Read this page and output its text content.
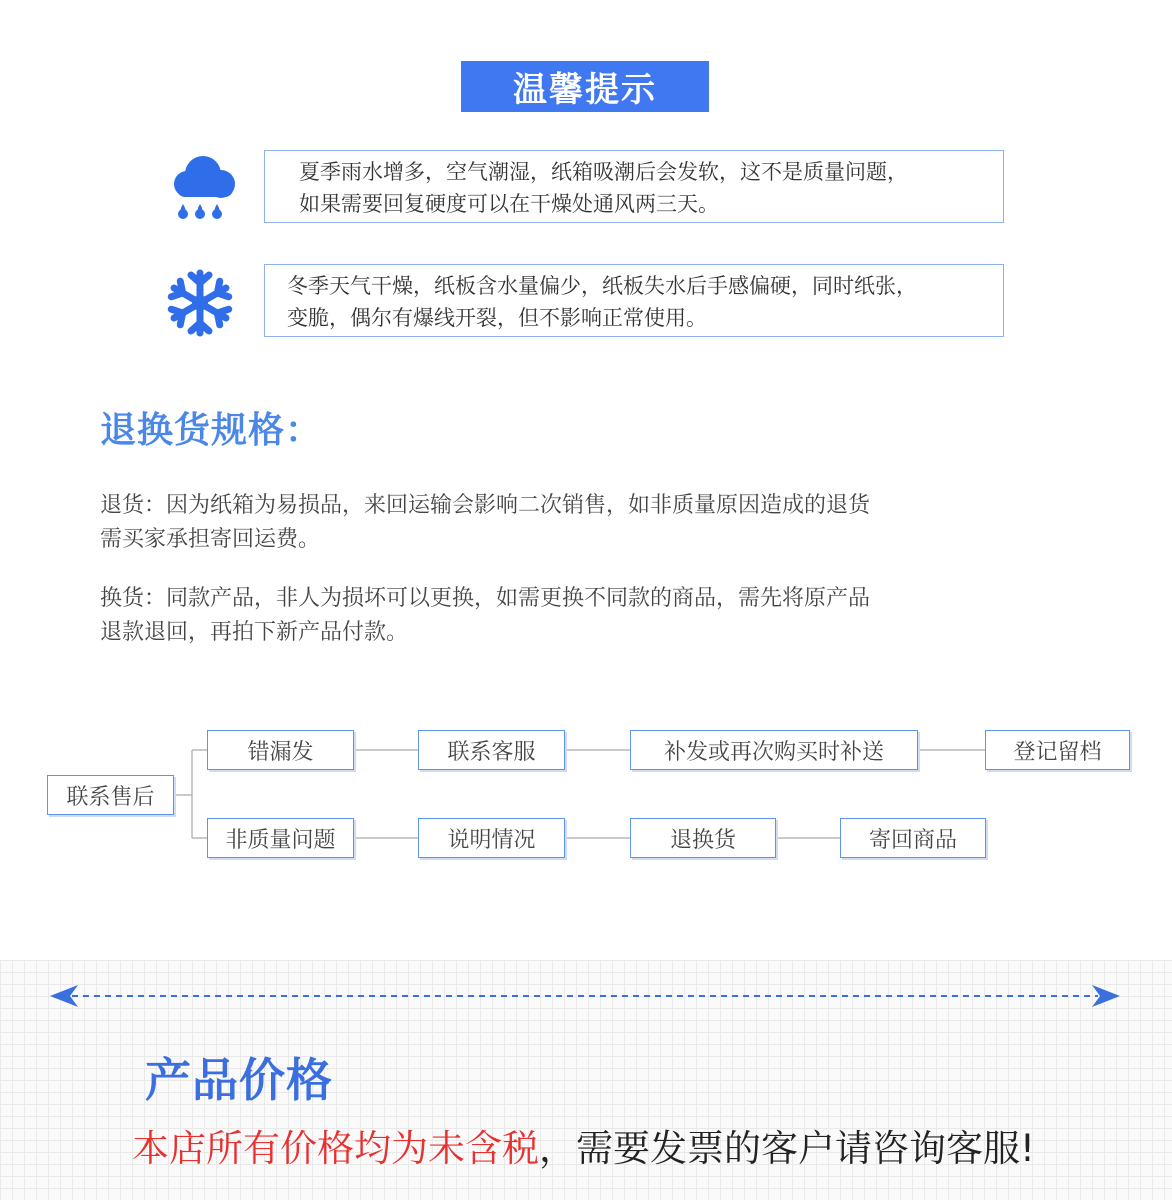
温馨提示

夏季雨水增多，空气潮湿，纸箱吸潮后会发软，这不是质量问题，

如果需要回复硬度可以在干燥处通风两三天。

冬季天气干燥，纸板含水量偏少，纸板失水后手感偏硬，同时纸张，

变脆，偶尔有爆线开裂，但不影响正常使用。

退换货规格：

退货：因为纸箱为易损品，来回运输会影响二次销售，如非质量原因造成的退货

需买家承担寄回运费。

换货：同款产品，非人为损坏可以更换，如需更换不同款的商品，需先将原产品

退款退回，再拍下新产品付款。

联系售后
错漏发	联系客服	补发或再次购买时补送	登记留档
非质量问题	说明情况	退换货	寄回商品
产品价格
本店所有价格均为未含税，需要发票的客户请咨询客服!
